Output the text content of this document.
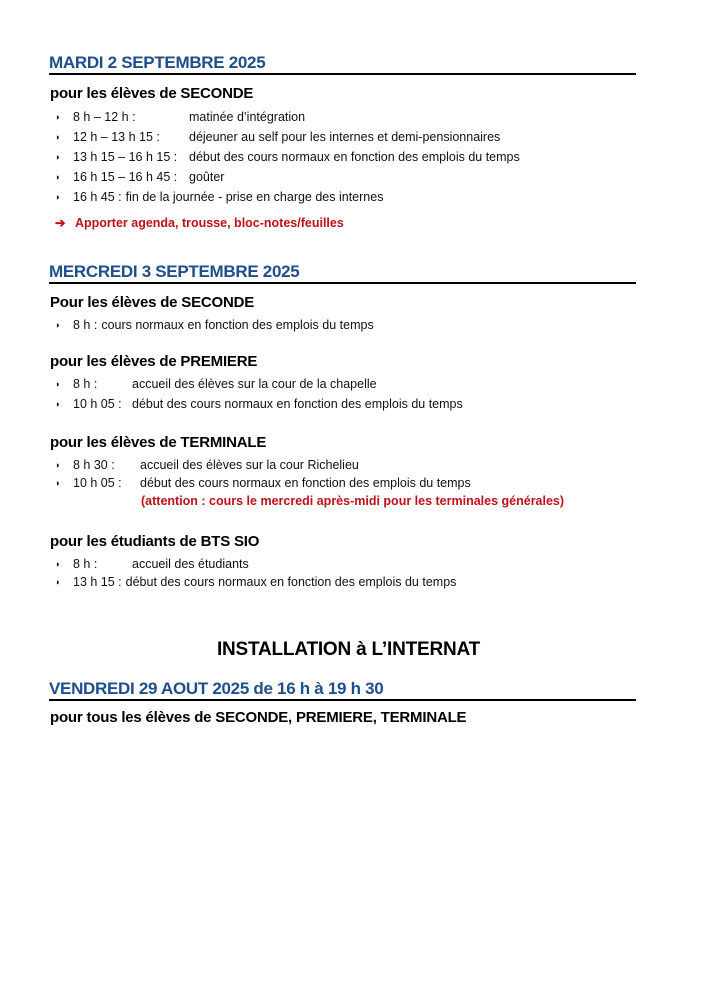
MARDI 2 SEPTEMBRE 2025
pour les élèves de SECONDE
◗ 8 h – 12 h :	matinée d’intégration
◗ 12 h – 13 h 15 : déjeuner au self pour les internes et demi-pensionnaires
◗ 13 h 15 – 16 h 15 : début des cours normaux en fonction des emplois du temps
◗ 16 h 15 – 16 h 45 : goûter
◗ 16 h 45 : fin de la journée - prise en charge des internes
➔ Apporter agenda, trousse, bloc-notes/feuilles
MERCREDI 3 SEPTEMBRE 2025
Pour les élèves de SECONDE
◗ 8 h : cours normaux en fonction des emplois du temps
pour les élèves de PREMIERE
◗ 8 h :	accueil des élèves sur la cour de la chapelle
◗ 10 h 05 : début des cours normaux en fonction des emplois du temps
pour les élèves de TERMINALE
◗ 8 h 30 : accueil des élèves sur la cour Richelieu
◗ 10 h 05 : début des cours normaux en fonction des emplois du temps
(attention : cours le mercredi après-midi pour les terminales générales)
pour les étudiants de BTS SIO
◗ 8 h :	accueil des étudiants
◗ 13 h 15 : début des cours normaux en fonction des emplois du temps
INSTALLATION à L’INTERNAT
VENDREDI 29 AOUT 2025 de 16 h à 19 h 30
pour tous les élèves de SECONDE, PREMIERE, TERMINALE
